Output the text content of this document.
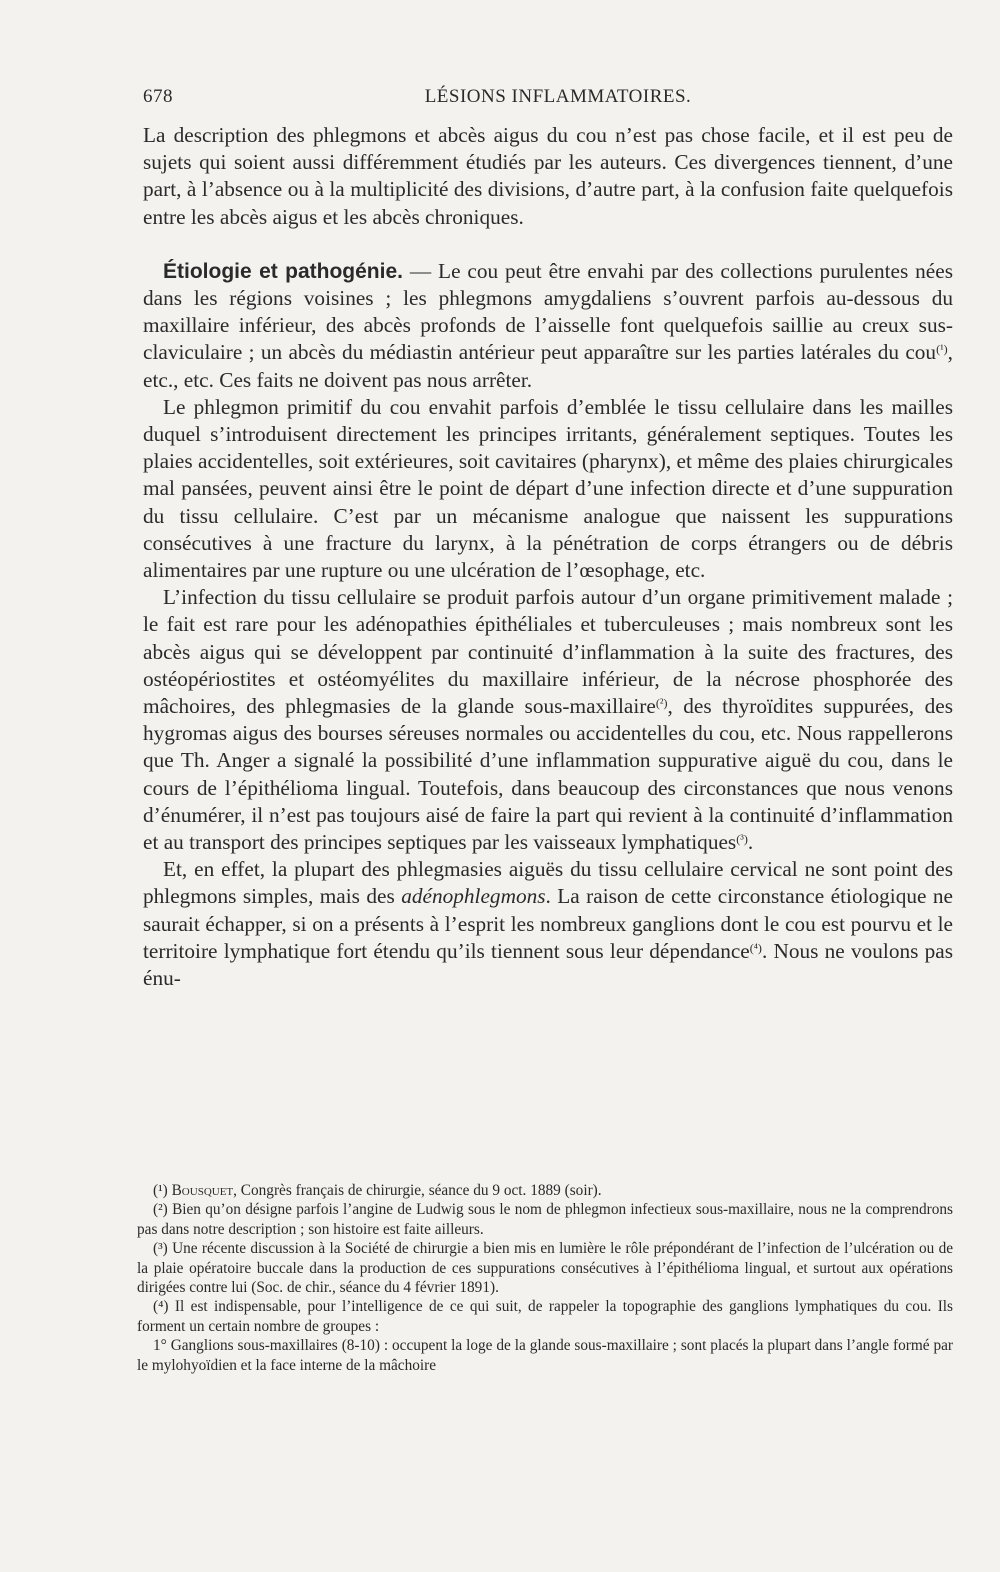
678	LÉSIONS INFLAMMATOIRES.

La description des phlegmons et abcès aigus du cou n’est pas chose facile, et il est peu de sujets qui soient aussi différemment étudiés par les auteurs. Ces divergences tiennent, d’une part, à l’absence ou à la multiplicité des divisions, d’autre part, à la confusion faite quelquefois entre les abcès aigus et les abcès chroniques.

Étiologie et pathogénie. — Le cou peut être envahi par des collections purulentes nées dans les régions voisines ; les phlegmons amygdaliens s’ouvrent parfois au-dessous du maxillaire inférieur, des abcès profonds de l’aisselle font quelquefois saillie au creux sus-claviculaire ; un abcès du médiastin antérieur peut apparaître sur les parties latérales du cou$^{(^1)}$, etc., etc. Ces faits ne doivent pas nous arrêter.

Le phlegmon primitif du cou envahit parfois d’emblée le tissu cellulaire dans les mailles duquel s’introduisent directement les principes irritants, généralement septiques. Toutes les plaies accidentelles, soit extérieures, soit cavitaires (pharynx), et même des plaies chirurgicales mal pansées, peuvent ainsi être le point de départ d’une infection directe et d’une suppuration du tissu cellulaire. C’est par un mécanisme analogue que naissent les suppurations consécutives à une fracture du larynx, à la pénétration de corps étrangers ou de débris alimentaires par une rupture ou une ulcération de l’œsophage, etc.

L’infection du tissu cellulaire se produit parfois autour d’un organe primitivement malade ; le fait est rare pour les adénopathies épithéliales et tuberculeuses ; mais nombreux sont les abcès aigus qui se développent par continuité d’inflammation à la suite des fractures, des ostéopériostites et ostéomyélites du maxillaire inférieur, de la nécrose phosphorée des mâchoires, des phlegmasies de la glande sous-maxillaire$^{(^2)}$, des thyroïdites suppurées, des hygromas aigus des bourses séreuses normales ou accidentelles du cou, etc. Nous rappellerons que Th. Anger a signalé la possibilité d’une inflammation suppurative aiguë du cou, dans le cours de l’épithélioma lingual. Toutefois, dans beaucoup des circonstances que nous venons d’énumérer, il n’est pas toujours aisé de faire la part qui revient à la continuité d’inflammation et au transport des principes septiques par les vaisseaux lymphatiques$^{(^3)}$.

Et, en effet, la plupart des phlegmasies aiguës du tissu cellulaire cervical ne sont point des phlegmons simples, mais des adénophlegmons. La raison de cette circonstance étiologique ne saurait échapper, si on a présents à l’esprit les nombreux ganglions dont le cou est pourvu et le territoire lymphatique fort étendu qu’ils tiennent sous leur dépendance$^{(^4)}$. Nous ne voulons pas énu-

(¹) Bousquet, Congrès français de chirurgie, séance du 9 oct. 1889 (soir).

(²) Bien qu’on désigne parfois l’angine de Ludwig sous le nom de phlegmon infectieux sous-maxillaire, nous ne la comprendrons pas dans notre description ; son histoire est faite ailleurs.

(³) Une récente discussion à la Société de chirurgie a bien mis en lumière le rôle prépondérant de l’infection de l’ulcération ou de la plaie opératoire buccale dans la production de ces suppurations consécutives à l’épithélioma lingual, et surtout aux opérations dirigées contre lui (Soc. de chir., séance du 4 février 1891).

(⁴) Il est indispensable, pour l’intelligence de ce qui suit, de rappeler la topographie des ganglions lymphatiques du cou. Ils forment un certain nombre de groupes :

1° Ganglions sous-maxillaires (8-10) : occupent la loge de la glande sous-maxillaire ; sont placés la plupart dans l’angle formé par le mylohyoïdien et la face interne de la mâchoire
